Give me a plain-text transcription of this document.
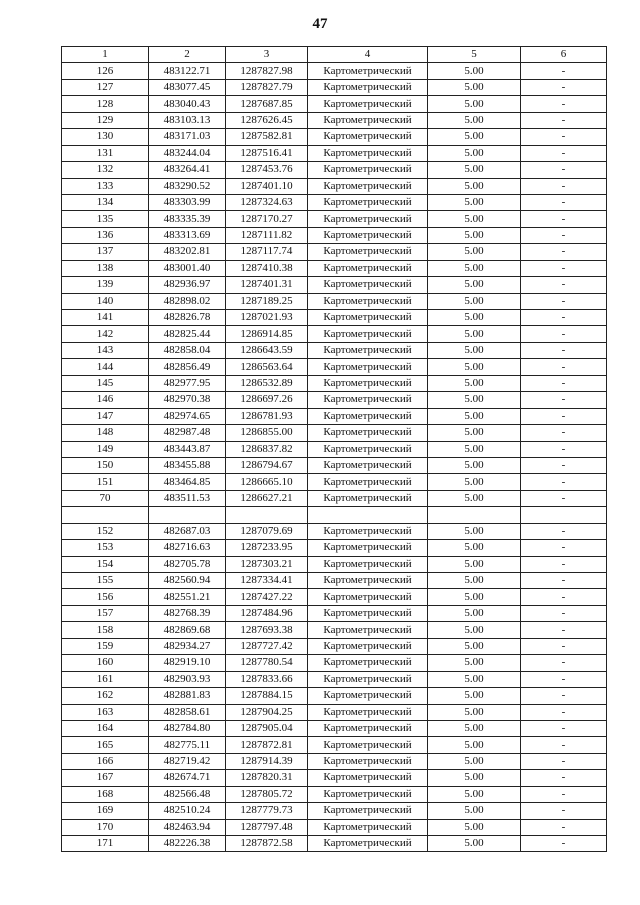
47
1	2	3	4	5	6
126	483122.71	1287827.98	Картометрический	5.00	-
127	483077.45	1287827.79	Картометрический	5.00	-
128	483040.43	1287687.85	Картометрический	5.00	-
129	483103.13	1287626.45	Картометрический	5.00	-
130	483171.03	1287582.81	Картометрический	5.00	-
131	483244.04	1287516.41	Картометрический	5.00	-
132	483264.41	1287453.76	Картометрический	5.00	-
133	483290.52	1287401.10	Картометрический	5.00	-
134	483303.99	1287324.63	Картометрический	5.00	-
135	483335.39	1287170.27	Картометрический	5.00	-
136	483313.69	1287111.82	Картометрический	5.00	-
137	483202.81	1287117.74	Картометрический	5.00	-
138	483001.40	1287410.38	Картометрический	5.00	-
139	482936.97	1287401.31	Картометрический	5.00	-
140	482898.02	1287189.25	Картометрический	5.00	-
141	482826.78	1287021.93	Картометрический	5.00	-
142	482825.44	1286914.85	Картометрический	5.00	-
143	482858.04	1286643.59	Картометрический	5.00	-
144	482856.49	1286563.64	Картометрический	5.00	-
145	482977.95	1286532.89	Картометрический	5.00	-
146	482970.38	1286697.26	Картометрический	5.00	-
147	482974.65	1286781.93	Картометрический	5.00	-
148	482987.48	1286855.00	Картометрический	5.00	-
149	483443.87	1286837.82	Картометрический	5.00	-
150	483455.88	1286794.67	Картометрический	5.00	-
151	483464.85	1286665.10	Картометрический	5.00	-
70	483511.53	1286627.21	Картометрический	5.00	-

152	482687.03	1287079.69	Картометрический	5.00	-
153	482716.63	1287233.95	Картометрический	5.00	-
154	482705.78	1287303.21	Картометрический	5.00	-
155	482560.94	1287334.41	Картометрический	5.00	-
156	482551.21	1287427.22	Картометрический	5.00	-
157	482768.39	1287484.96	Картометрический	5.00	-
158	482869.68	1287693.38	Картометрический	5.00	-
159	482934.27	1287727.42	Картометрический	5.00	-
160	482919.10	1287780.54	Картометрический	5.00	-
161	482903.93	1287833.66	Картометрический	5.00	-
162	482881.83	1287884.15	Картометрический	5.00	-
163	482858.61	1287904.25	Картометрический	5.00	-
164	482784.80	1287905.04	Картометрический	5.00	-
165	482775.11	1287872.81	Картометрический	5.00	-
166	482719.42	1287914.39	Картометрический	5.00	-
167	482674.71	1287820.31	Картометрический	5.00	-
168	482566.48	1287805.72	Картометрический	5.00	-
169	482510.24	1287779.73	Картометрический	5.00	-
170	482463.94	1287797.48	Картометрический	5.00	-
171	482226.38	1287872.58	Картометрический	5.00	-
